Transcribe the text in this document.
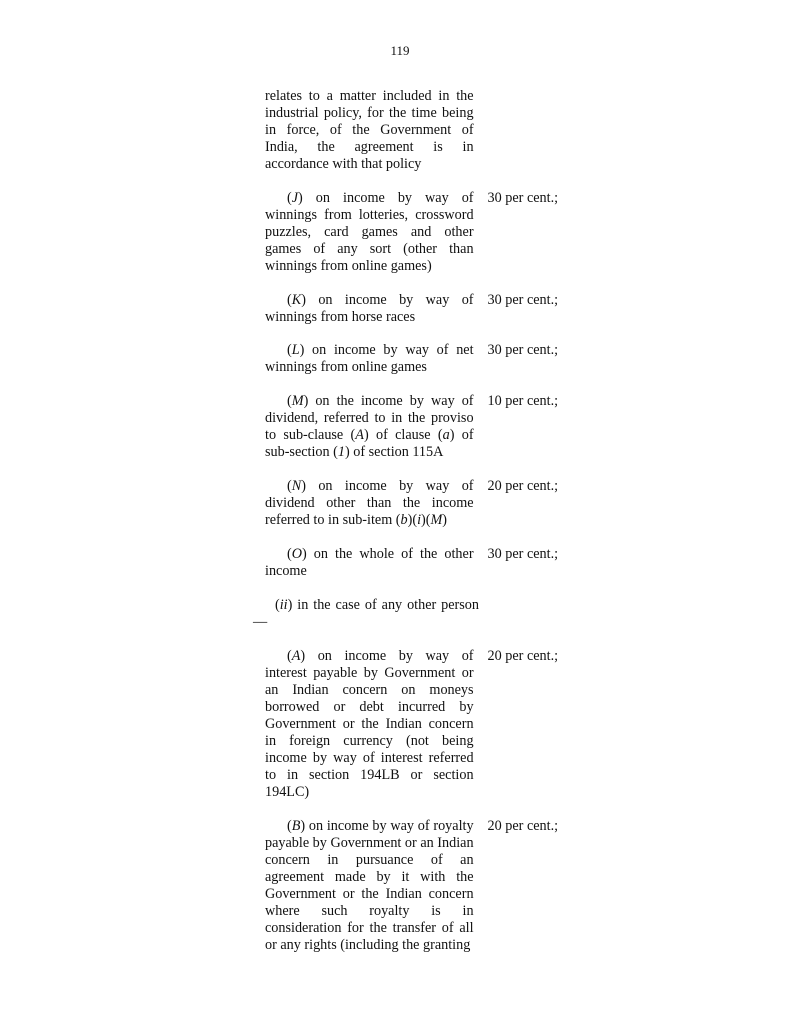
119
relates to a matter included in the industrial policy, for the time being in force, of the Government of India, the agreement is in accordance with that policy
(J) on income by way of winnings from lotteries, crossword puzzles, card games and other games of any sort (other than winnings from online games)
30 per cent.;
(K) on income by way of winnings from horse races
30 per cent.;
(L) on income by way of net winnings from online games
30 per cent.;
(M) on the income by way of dividend, referred to in the proviso to sub-clause (A) of clause (a) of sub-section (1) of section 115A
10 per cent.;
(N) on income by way of dividend other than the income referred to in sub-item (b)(i)(M)
20 per cent.;
(O) on the whole of the other income
30 per cent.;
(ii) in the case of any other person—
(A) on income by way of interest payable by Government or an Indian concern on moneys borrowed or debt incurred by Government or the Indian concern in foreign currency (not being income by way of interest referred to in section 194LB or section 194LC)
20 per cent.;
(B) on income by way of royalty payable by Government or an Indian concern in pursuance of an agreement made by it with the Government or the Indian concern where such royalty is in consideration for the transfer of all or any rights (including the granting
20 per cent.;
